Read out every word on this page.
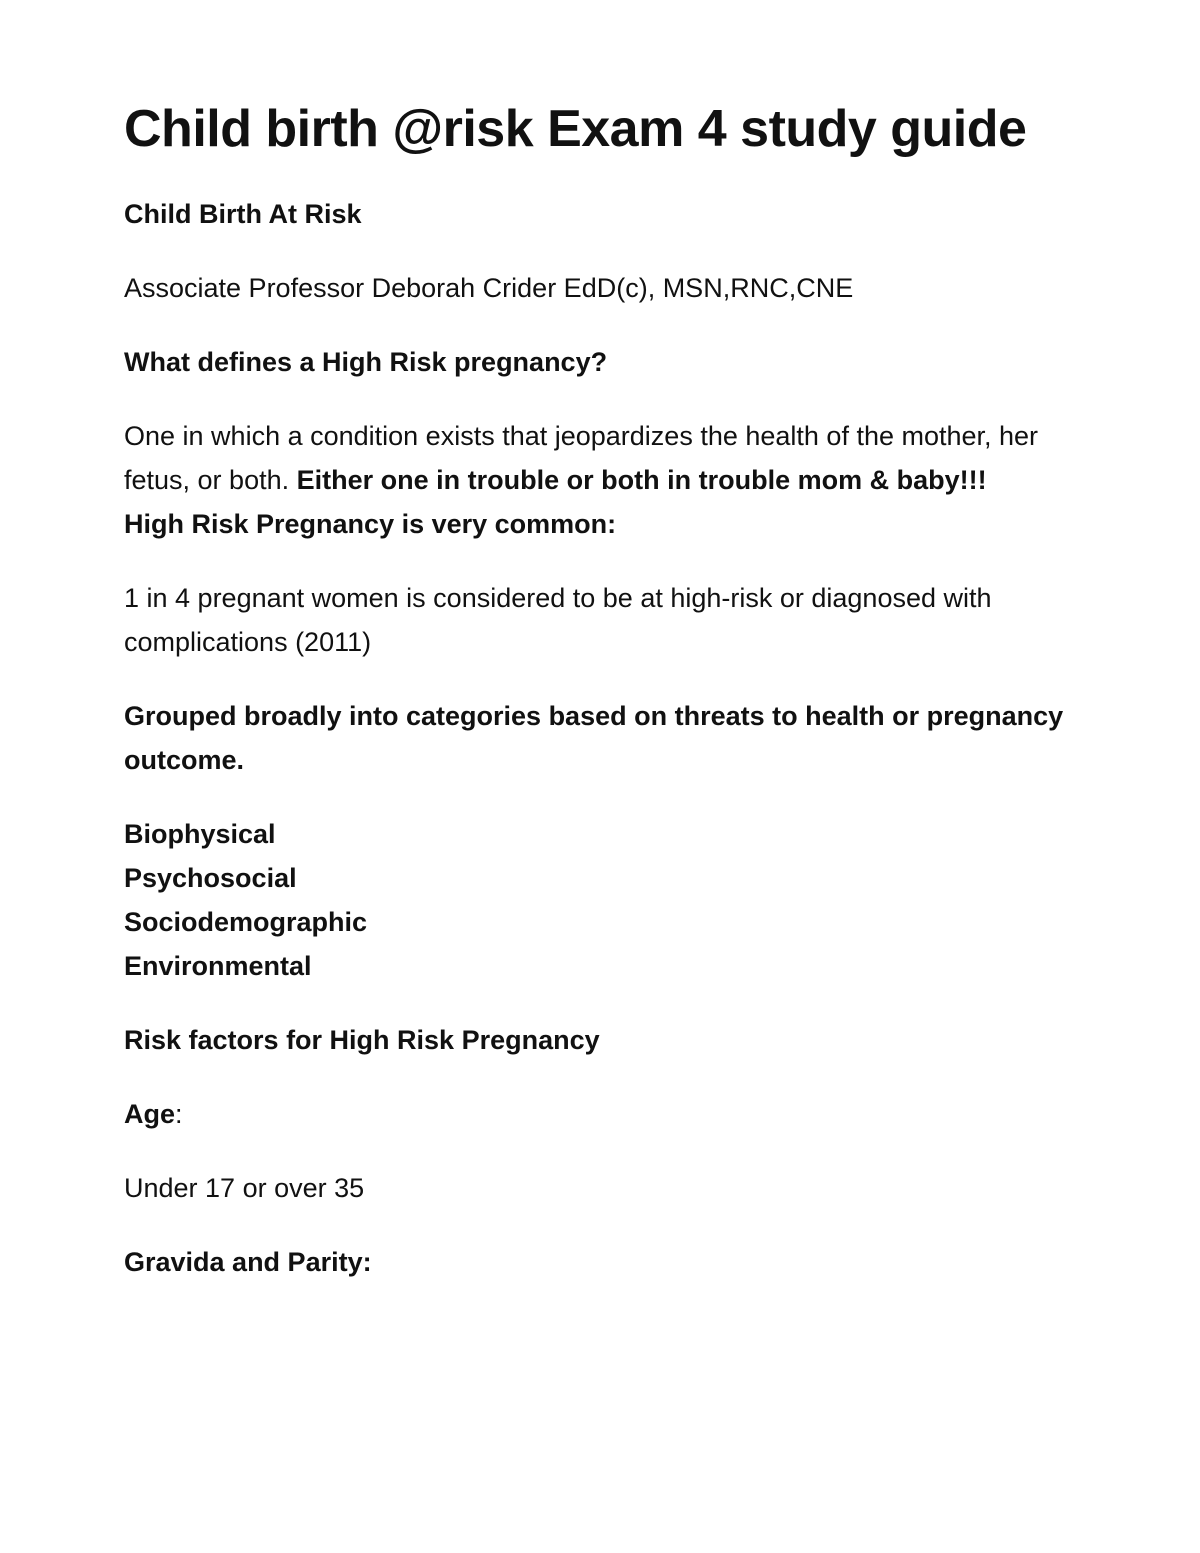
Child birth @risk Exam 4 study guide

Child Birth At Risk

Associate Professor Deborah Crider EdD(c), MSN,RNC,CNE

What defines a High Risk pregnancy?

One in which a condition exists that jeopardizes the health of the mother, her fetus, or both. Either one in trouble or both in trouble mom & baby!!!

High Risk Pregnancy is very common:

1 in 4 pregnant women is considered to be at high-risk or diagnosed with complications (2011)

Grouped broadly into categories based on threats to health or pregnancy outcome.

Biophysical
Psychosocial
Sociodemographic
Environmental

Risk factors for High Risk Pregnancy

Age:

Under 17 or over 35

Gravida and Parity:
